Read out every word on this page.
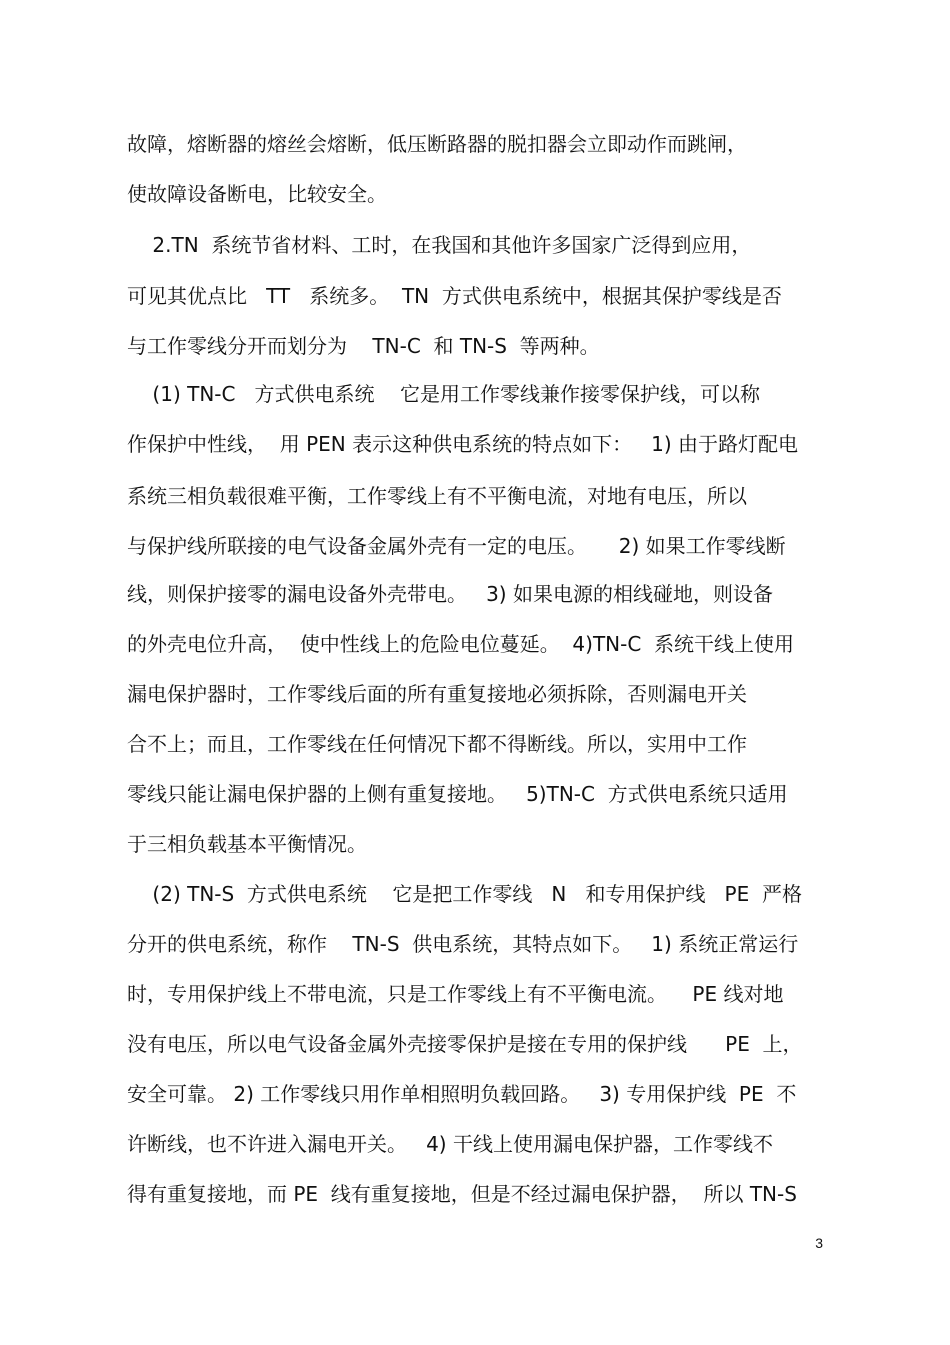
故障，熔断器的熔丝会熔断，低压断路器的脱扣器会立即动作而跳闸，
使故障设备断电，比较安全。
2.TN  系统节省材料、工时，在我国和其他许多国家广泛得到应用，
可见其优点比   TT   系统多。  TN  方式供电系统中，根据其保护零线是否
与工作零线分开而划分为    TN-C  和 TN-S  等两种。
(1) TN-C   方式供电系统    它是用工作零线兼作接零保护线，可以称
作保护中性线，  用 PEN 表示这种供电系统的特点如下：   1) 由于路灯配电
系统三相负载很难平衡，工作零线上有不平衡电流，对地有电压，所以
与保护线所联接的电气设备金属外壳有一定的电压。     2) 如果工作零线断
线，则保护接零的漏电设备外壳带电。   3) 如果电源的相线碰地，则设备
的外壳电位升高，  使中性线上的危险电位蔓延。  4)TN-C  系统干线上使用
漏电保护器时，工作零线后面的所有重复接地必须拆除，否则漏电开关
合不上；而且，工作零线在任何情况下都不得断线。所以，实用中工作
零线只能让漏电保护器的上侧有重复接地。   5)TN-C  方式供电系统只适用
于三相负载基本平衡情况。
(2) TN-S  方式供电系统    它是把工作零线   N   和专用保护线   PE  严格
分开的供电系统，称作    TN-S  供电系统，其特点如下。   1) 系统正常运行
时，专用保护线上不带电流，只是工作零线上有不平衡电流。    PE 线对地
没有电压，所以电气设备金属外壳接零保护是接在专用的保护线      PE  上，
安全可靠。 2) 工作零线只用作单相照明负载回路。   3) 专用保护线  PE  不
许断线，也不许进入漏电开关。   4) 干线上使用漏电保护器，工作零线不
得有重复接地，而 PE  线有重复接地，但是不经过漏电保护器，  所以 TN-S
3
